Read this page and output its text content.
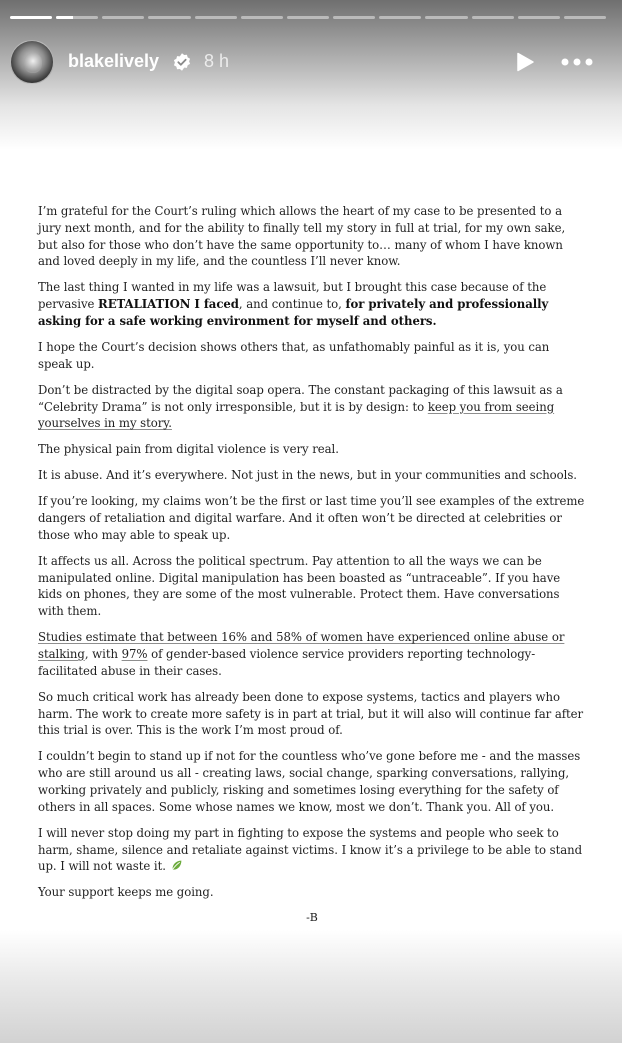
blakelively 8 h

I’m grateful for the Court’s ruling which allows the heart of my case to be presented to a jury next month, and for the ability to finally tell my story in full at trial, for my own sake, but also for those who don’t have the same opportunity to… many of whom I have known and loved deeply in my life, and the countless I’ll never know.

The last thing I wanted in my life was a lawsuit, but I brought this case because of the pervasive RETALIATION I faced, and continue to, for privately and professionally asking for a safe working environment for myself and others.

I hope the Court’s decision shows others that, as unfathomably painful as it is, you can speak up.

Don’t be distracted by the digital soap opera. The constant packaging of this lawsuit as a “Celebrity Drama” is not only irresponsible, but it is by design: to keep you from seeing yourselves in my story.

The physical pain from digital violence is very real.

It is abuse. And it’s everywhere. Not just in the news, but in your communities and schools.

If you’re looking, my claims won’t be the first or last time you’ll see examples of the extreme dangers of retaliation and digital warfare. And it often won’t be directed at celebrities or those who may able to speak up.

It affects us all. Across the political spectrum. Pay attention to all the ways we can be manipulated online. Digital manipulation has been boasted as “untraceable”. If you have kids on phones, they are some of the most vulnerable. Protect them. Have conversations with them.

Studies estimate that between 16% and 58% of women have experienced online abuse or stalking, with 97% of gender-based violence service providers reporting technology-facilitated abuse in their cases.

So much critical work has already been done to expose systems, tactics and players who harm. The work to create more safety is in part at trial, but it will also will continue far after this trial is over. This is the work I’m most proud of.

I couldn’t begin to stand up if not for the countless who’ve gone before me - and the masses who are still around us all - creating laws, social change, sparking conversations, rallying, working privately and publicly, risking and sometimes losing everything for the safety of others in all spaces. Some whose names we know, most we don’t. Thank you. All of you.

I will never stop doing my part in fighting to expose the systems and people who seek to harm, shame, silence and retaliate against victims. I know it’s a privilege to be able to stand up. I will not waste it.

Your support keeps me going.

-B
